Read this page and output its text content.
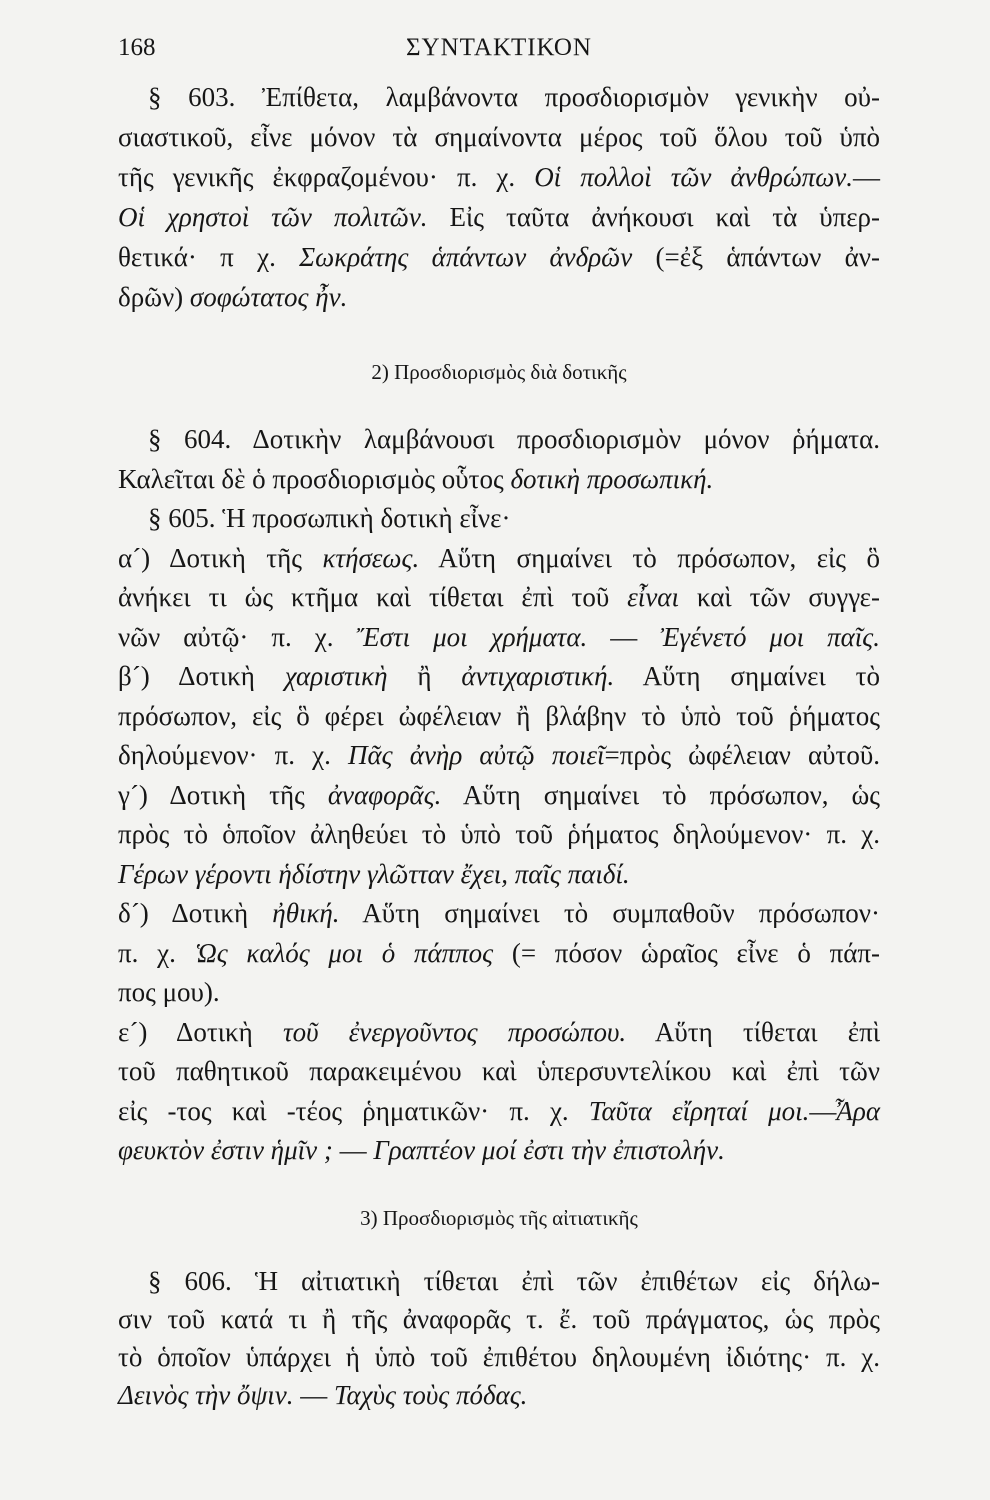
168	ΣΥΝΤΑΚΤΙΚΟΝ
§ 603. Ἐπίθετα, λαμβάνοντα προσδιορισμὸν γενικὴν οὐ-
σιαστικοῦ, εἶνε μόνον τὰ σημαίνοντα μέρος τοῦ ὅλου τοῦ ὑπὸ
τῆς γενικῆς ἐκφραζομένου· π. χ. Οἱ πολλοὶ τῶν ἀνθρώπων.—
Οἱ χρηστοὶ τῶν πολιτῶν. Εἰς ταῦτα ἀνήκουσι καὶ τὰ ὑπερ-
θετικά· π χ. Σωκράτης ἁπάντων ἀνδρῶν (=ἐξ ἁπάντων ἀν-
δρῶν) σοφώτατος ἦν.
2) Προσδιορισμὸς διὰ δοτικῆς
§ 604. Δοτικὴν λαμβάνουσι προσδιορισμὸν μόνον ῥήματα.
Καλεῖται δὲ ὁ προσδιορισμὸς οὗτος δοτικὴ προσωπική.
§ 605. Ἡ προσωπικὴ δοτικὴ εἶνε·
α´) Δοτικὴ τῆς κτήσεως. Αὕτη σημαίνει τὸ πρόσωπον, εἰς ὃ
ἀνήκει τι ὡς κτῆμα καὶ τίθεται ἐπὶ τοῦ εἶναι καὶ τῶν συγγε-
νῶν αὐτῷ· π. χ. Ἔστι μοι χρήματα. — Ἐγένετό μοι παῖς.
β´) Δοτικὴ χαριστικὴ ἢ ἀντιχαριστική. Αὕτη σημαίνει τὸ
πρόσωπον, εἰς ὃ φέρει ὠφέλειαν ἢ βλάβην τὸ ὑπὸ τοῦ ῥήματος
δηλούμενον· π. χ. Πᾶς ἀνὴρ αὐτῷ ποιεῖ=πρὸς ὠφέλειαν αὐτοῦ.
γ´) Δοτικὴ τῆς ἀναφορᾶς. Αὕτη σημαίνει τὸ πρόσωπον, ὡς
πρὸς τὸ ὁποῖον ἀληθεύει τὸ ὑπὸ τοῦ ῥήματος δηλούμενον· π. χ.
Γέρων γέροντι ἡδίστην γλῶτταν ἔχει, παῖς παιδί.
δ´) Δοτικὴ ἠθική. Αὕτη σημαίνει τὸ συμπαθοῦν πρόσωπον·
π. χ. Ὡς καλός μοι ὁ πάππος (= πόσον ὡραῖος εἶνε ὁ πάπ-
πος μου).
ε´) Δοτικὴ τοῦ ἐνεργοῦντος προσώπου. Αὕτη τίθεται ἐπὶ
τοῦ παθητικοῦ παρακειμένου καὶ ὑπερσυντελίκου καὶ ἐπὶ τῶν
εἰς -τος καὶ -τέος ῥηματικῶν· π. χ. Ταῦτα εἴρηταί μοι.—Ἆρα
φευκτὸν ἐστιν ἡμῖν ; — Γραπτέον μοί ἐστι τὴν ἐπιστολήν.
3) Προσδιορισμὸς τῆς αἰτιατικῆς
§ 606. Ἡ αἰτιατικὴ τίθεται ἐπὶ τῶν ἐπιθέτων εἰς δήλω-
σιν τοῦ κατά τι ἢ τῆς ἀναφορᾶς τ. ἔ. τοῦ πράγματος, ὡς πρὸς
τὸ ὁποῖον ὑπάρχει ἡ ὑπὸ τοῦ ἐπιθέτου δηλουμένη ἰδιότης· π. χ.
Δεινὸς τὴν ὄψιν. — Ταχὺς τοὺς πόδας.
